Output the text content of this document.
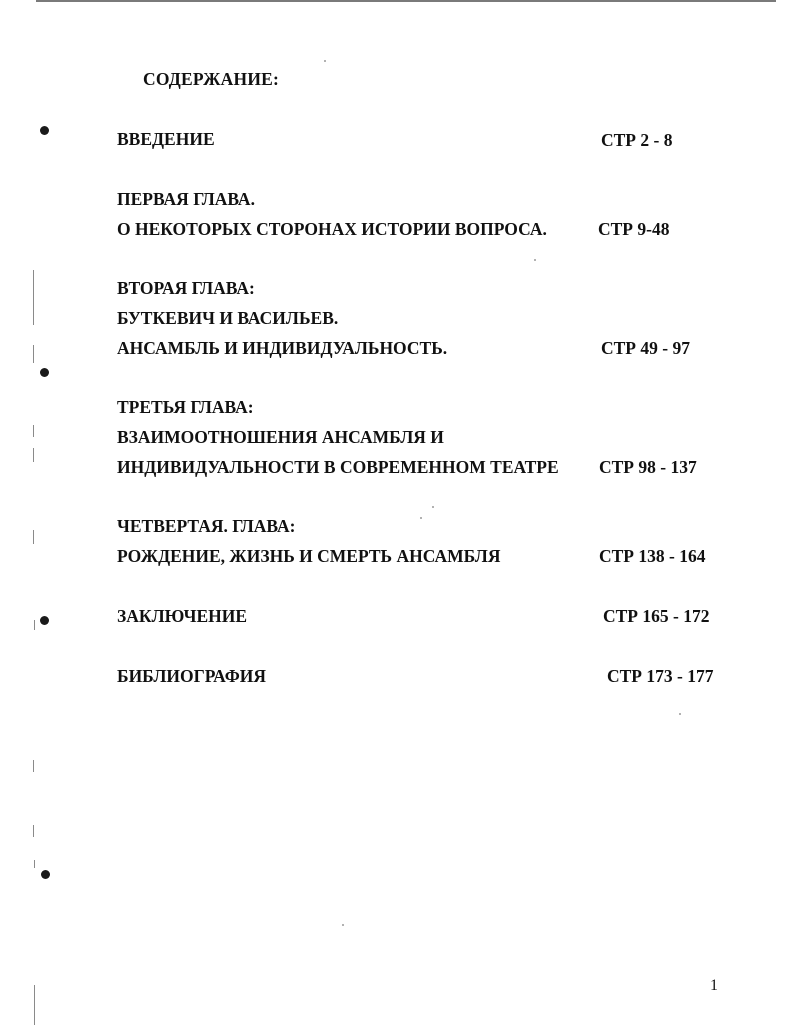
СОДЕРЖАНИЕ:
ВВЕДЕНИЕ	СТР 2 - 8
ПЕРВАЯ ГЛАВА.
О НЕКОТОРЫХ СТОРОНАХ ИСТОРИИ ВОПРОСА.	СТР 9-48
ВТОРАЯ ГЛАВА:
БУТКЕВИЧ И ВАСИЛЬЕВ.
АНСАМБЛЬ И ИНДИВИДУАЛЬНОСТЬ.	СТР 49 - 97
ТРЕТЬЯ ГЛАВА:
ВЗАИМООТНОШЕНИЯ АНСАМБЛЯ И
ИНДИВИДУАЛЬНОСТИ В СОВРЕМЕННОМ ТЕАТРЕ СТР 98 - 137
ЧЕТВЕРТАЯ. ГЛАВА:
РОЖДЕНИЕ, ЖИЗНЬ И СМЕРТЬ АНСАМБЛЯ	СТР 138 - 164
ЗАКЛЮЧЕНИЕ	СТР 165 - 172
БИБЛИОГРАФИЯ	СТР 173 - 177
1
